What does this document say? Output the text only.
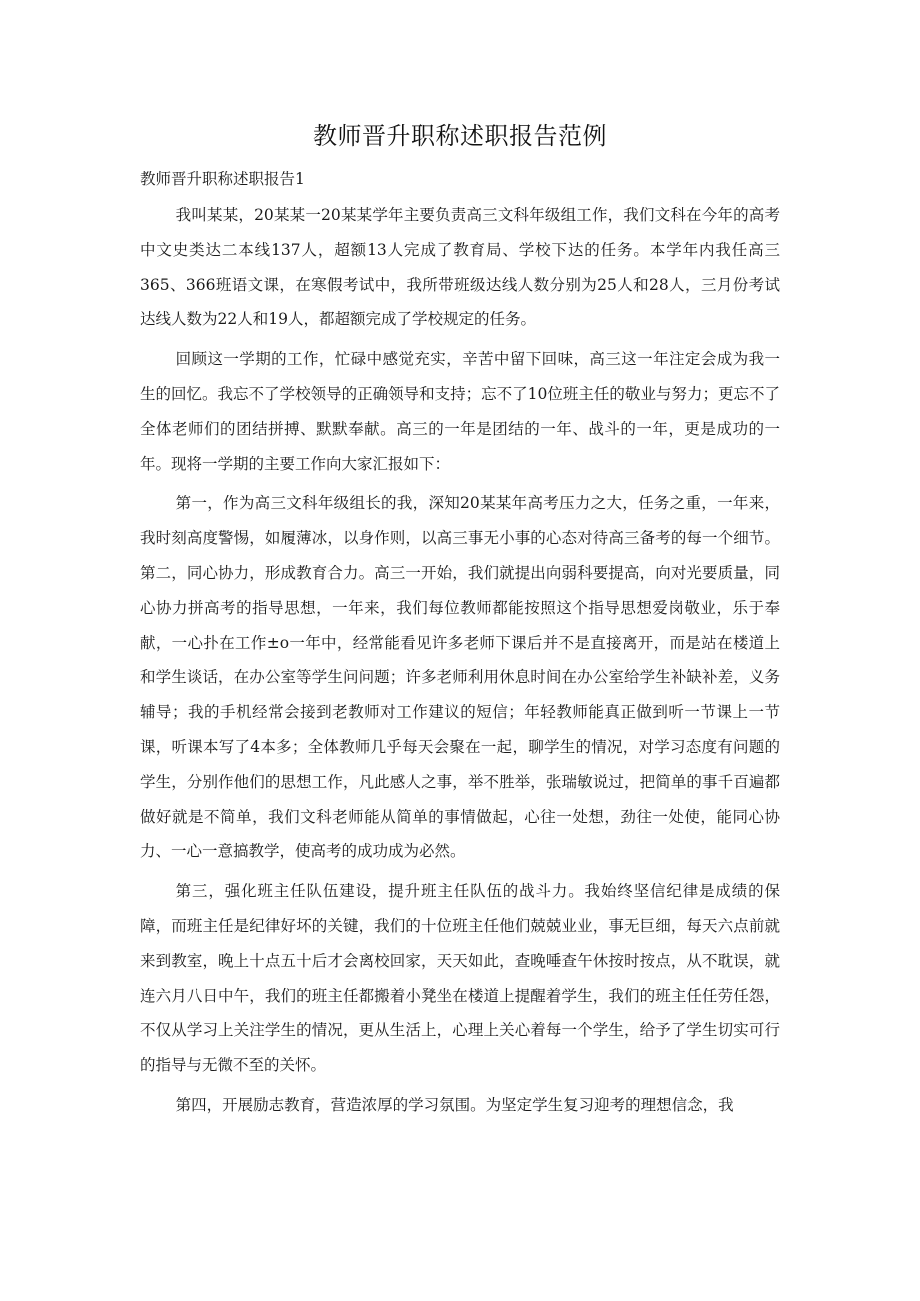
教师晋升职称述职报告范例
教师晋升职称述职报告1

我叫某某，20某某一20某某学年主要负责高三文科年级组工作，我们文科在今年的高考中文史类达二本线137人，超额13人完成了教育局、学校下达的任务。本学年内我任高三365、366班语文课，在寒假考试中，我所带班级达线人数分别为25人和28人，三月份考试达线人数为22人和19人，都超额完成了学校规定的任务。

回顾这一学期的工作，忙碌中感觉充实，辛苦中留下回味，高三这一年注定会成为我一生的回忆。我忘不了学校领导的正确领导和支持；忘不了10位班主任的敬业与努力；更忘不了全体老师们的团结拼搏、默默奉献。高三的一年是团结的一年、战斗的一年，更是成功的一年。现将一学期的主要工作向大家汇报如下：

第一，作为高三文科年级组长的我，深知20某某年高考压力之大，任务之重，一年来，我时刻高度警惕，如履薄冰，以身作则，以高三事无小事的心态对待高三备考的每一个细节。第二，同心协力，形成教育合力。高三一开始，我们就提出向弱科要提高，向对光要质量，同心协力拼高考的指导思想，一年来，我们每位教师都能按照这个指导思想爱岗敬业，乐于奉献，一心扑在工作±o一年中，经常能看见许多老师下课后并不是直接离开，而是站在楼道上和学生谈话，在办公室等学生问问题；许多老师利用休息时间在办公室给学生补缺补差，义务辅导；我的手机经常会接到老教师对工作建议的短信；年轻教师能真正做到听一节课上一节课，听课本写了4本多；全体教师几乎每天会聚在一起，聊学生的情况，对学习态度有问题的学生，分别作他们的思想工作，凡此感人之事，举不胜举，张瑞敏说过，把简单的事千百遍都做好就是不简单，我们文科老师能从简单的事情做起，心往一处想，劲往一处使，能同心协力、一心一意搞教学，使高考的成功成为必然。

第三，强化班主任队伍建设，提升班主任队伍的战斗力。我始终坚信纪律是成绩的保障，而班主任是纪律好坏的关键，我们的十位班主任他们兢兢业业，事无巨细，每天六点前就来到教室，晚上十点五十后才会离校回家，天天如此，查晚唾查午休按时按点，从不耽误，就连六月八日中午，我们的班主任都搬着小凳坐在楼道上提醒着学生，我们的班主任任劳任怨，不仅从学习上关注学生的情况，更从生活上，心理上关心着每一个学生，给予了学生切实可行的指导与无微不至的关怀。

第四，开展励志教育，营造浓厚的学习氛围。为坚定学生复习迎考的理想信念，我
